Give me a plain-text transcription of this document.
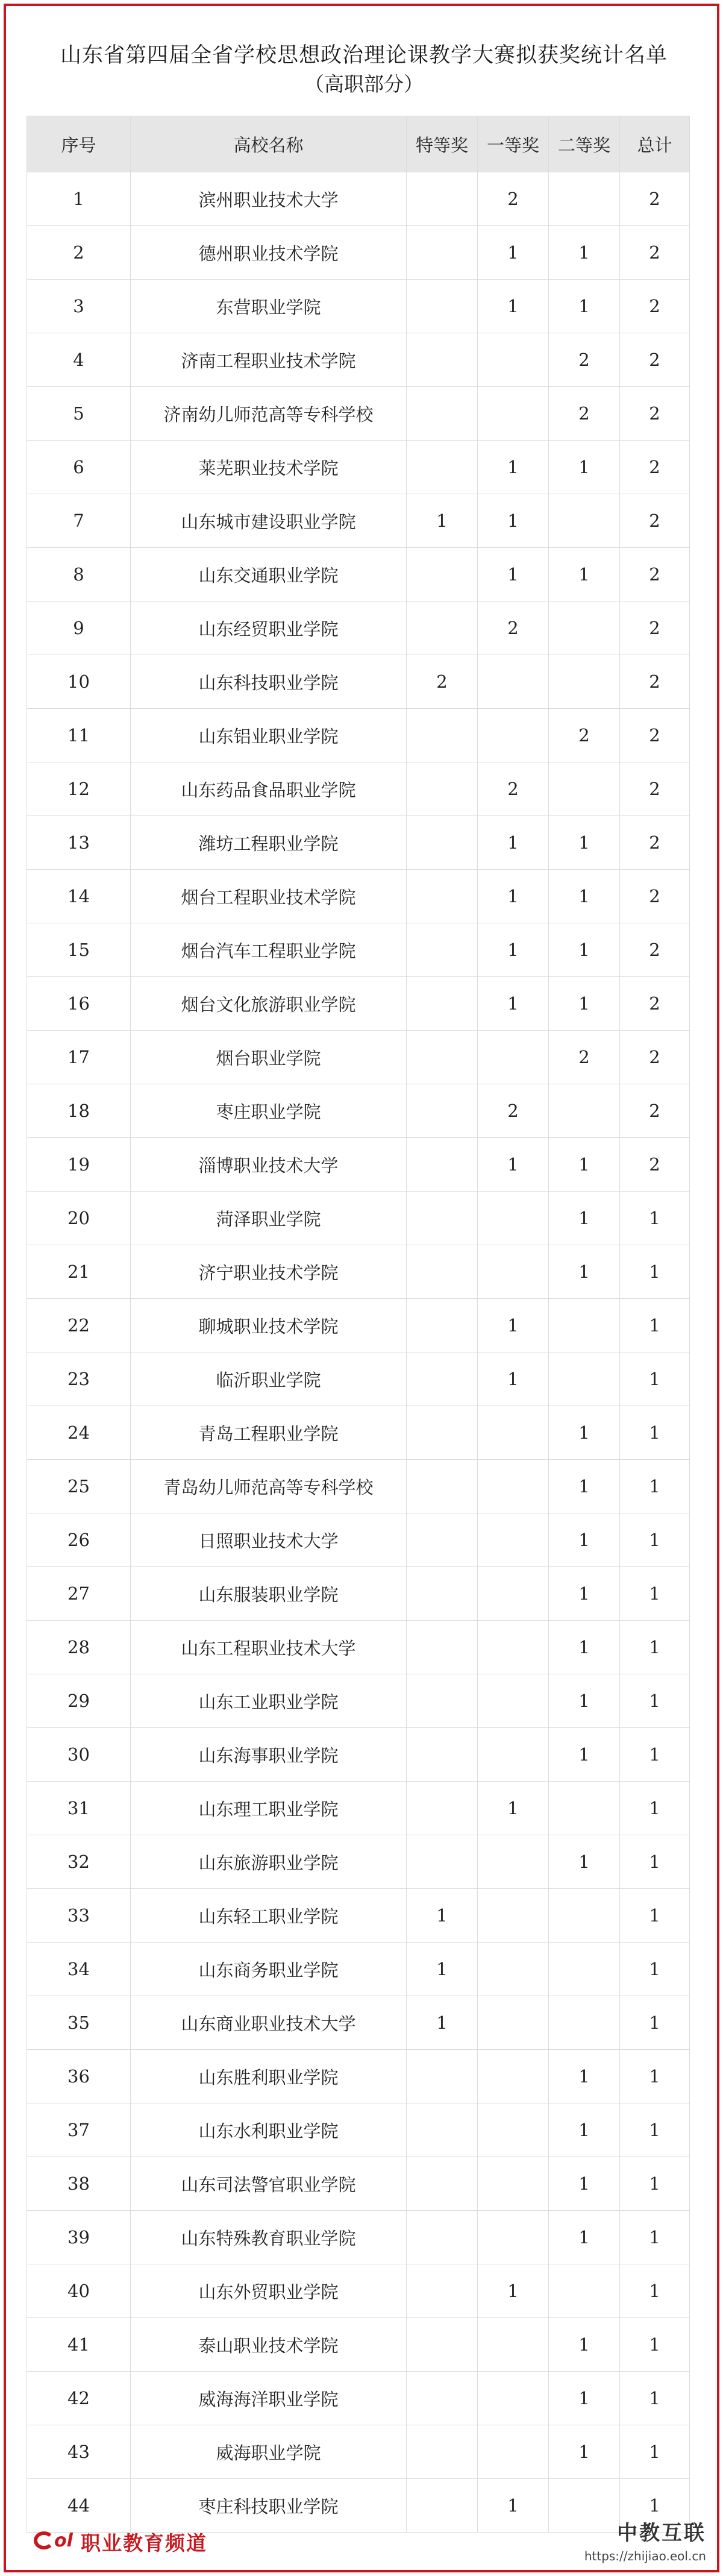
山东省第四届全省学校思想政治理论课教学大赛拟获奖统计名单
（高职部分）
序号	高校名称	特等奖	一等奖	二等奖	总计
1	滨州职业技术大学		2		2
2	德州职业技术学院		1	1	2
3	东营职业学院		1	1	2
4	济南工程职业技术学院			2	2
5	济南幼儿师范高等专科学校			2	2
6	莱芜职业技术学院		1	1	2
7	山东城市建设职业学院	1	1		2
8	山东交通职业学院		1	1	2
9	山东经贸职业学院		2		2
10	山东科技职业学院	2			2
11	山东铝业职业学院			2	2
12	山东药品食品职业学院		2		2
13	潍坊工程职业学院		1	1	2
14	烟台工程职业技术学院		1	1	2
15	烟台汽车工程职业学院		1	1	2
16	烟台文化旅游职业学院		1	1	2
17	烟台职业学院			2	2
18	枣庄职业学院		2		2
19	淄博职业技术大学		1	1	2
20	菏泽职业学院			1	1
21	济宁职业技术学院			1	1
22	聊城职业技术学院		1		1
23	临沂职业学院		1		1
24	青岛工程职业学院			1	1
25	青岛幼儿师范高等专科学校			1	1
26	日照职业技术大学			1	1
27	山东服装职业学院			1	1
28	山东工程职业技术大学			1	1
29	山东工业职业学院			1	1
30	山东海事职业学院			1	1
31	山东理工职业学院		1		1
32	山东旅游职业学院			1	1
33	山东轻工职业学院	1			1
34	山东商务职业学院	1			1
35	山东商业职业技术大学	1			1
36	山东胜利职业学院			1	1
37	山东水利职业学院			1	1
38	山东司法警官职业学院			1	1
39	山东特殊教育职业学院			1	1
40	山东外贸职业学院		1		1
41	泰山职业技术学院			1	1
42	威海海洋职业学院			1	1
43	威海职业学院			1	1
44	枣庄科技职业学院		1		1
ol 职业教育频道	中教互联
https://zhijiao.eol.cn
